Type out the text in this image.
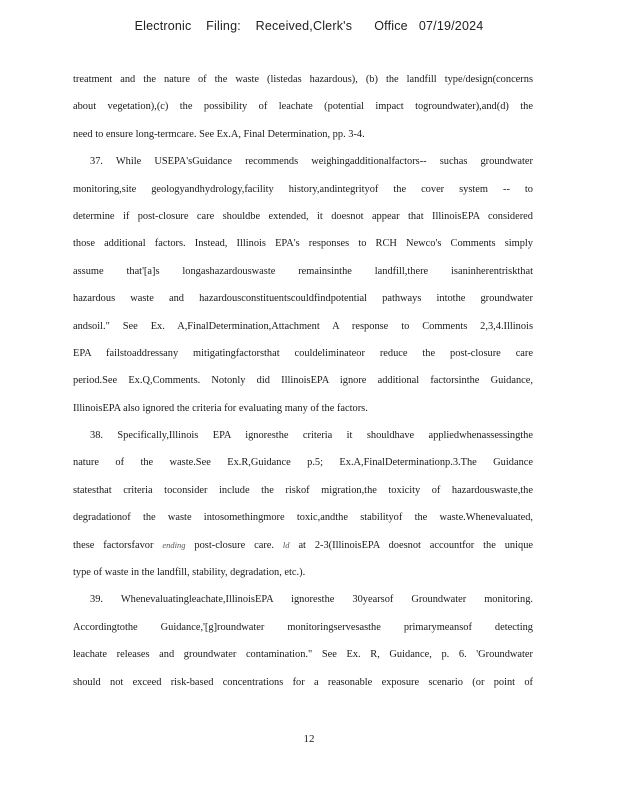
Electronic    Filing:    Received,Clerk's      Office   07/19/2024
treatment and the nature of the waste (listedas hazardous), (b) the landfill type/design(concerns
about vegetation),(c) the possibility of leachate (potential impact togroundwater),and(d) the
need to ensure long-termcare. See Ex.A, Final Determination, pp. 3-4.
37. While USEPA'sGuidance recommends weighingadditionalfactors-- suchas groundwater
monitoring,site geologyandhydrology,facility history,andintegrityof the cover system -- to
determine if post-closure care shouldbe extended, it doesnot appear that IllinoisEPA considered
those additional factors. Instead, Illinois EPA's responses to RCH Newco's Comments simply
assume that'[a]s longashazardouswaste remainsinthe landfill,there isaninherentriskthat
hazardous waste and hazardousconstituentscouldfindpotential pathways intothe groundwater
andsoil." See Ex. A,FinalDetermination,Attachment A response to Comments 2,3,4.Illinois
EPA failstoaddressany mitigatingfactorsthat couldeliminateor reduce the post-closure care
period.See Ex.Q,Comments. Notonly did IllinoisEPA ignore additional factorsinthe Guidance,
IllinoisEPA also ignored the criteria for evaluating many of the factors.
38. Specifically,Illinois EPA ignoresthe criteria it shouldhave appliedwhenassessingthe
nature of the waste.See Ex.R,Guidance p.5; Ex.A,FinalDeterminationp.3.The Guidance
statesthat criteria toconsider include the riskof migration,the toxicity of hazardouswaste,the
degradationof the waste intosomethingmore toxic,andthe stabilityof the waste.Whenevaluated,
these factorsfavor ending post-closure care. ld at 2-3(IllinoisEPA doesnot accountfor the unique
type of waste in the landfill, stability, degradation, etc.).
39. Whenevaluatingleachate,IllinoisEPA ignoresthe 30yearsof Groundwater monitoring.
Accordingtothe Guidance,'[g]roundwater monitoringservesasthe primarymeansof detecting
leachate releases and groundwater contamination." See Ex. R, Guidance, p. 6. 'Groundwater
should not exceed risk-based concentrations for a reasonable exposure scenario (or point of
12
